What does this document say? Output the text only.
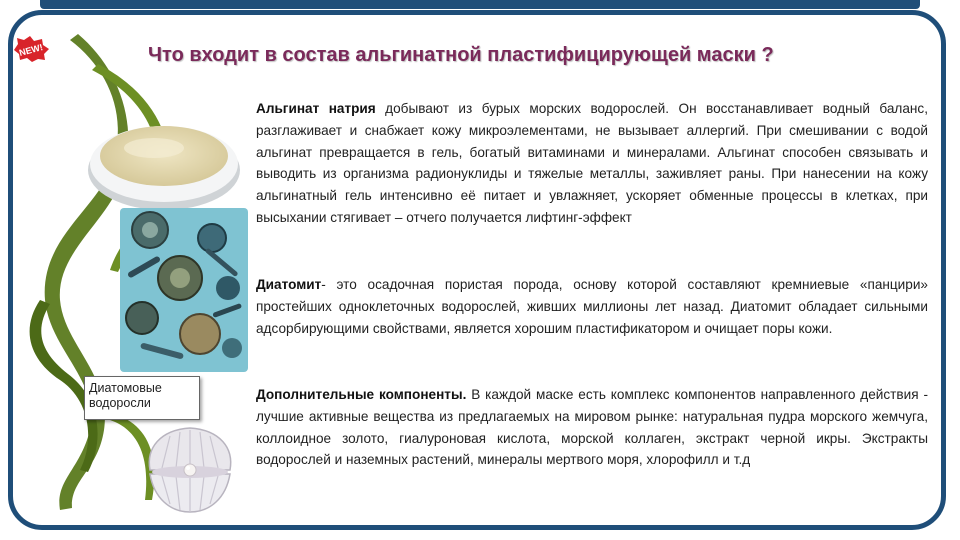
NEW!	Что входит в состав альгинатной пластифицирующей маски ?
Диатомовые водоросли
Альгинат натрия добывают из бурых морских водорослей. Он восстанавливает водный баланс, разглаживает и снабжает кожу микроэлементами, не вызывает аллергий. При смешивании с водой альгинат превращается в гель, богатый витаминами и минералами. Альгинат способен связывать и выводить из организма радионуклиды и тяжелые металлы, заживляет раны. При нанесении на кожу альгинатный гель интенсивно её питает и увлажняет, ускоряет обменные процессы в клетках, при высыхании стягивает – отчего получается лифтинг-эффект
Диатомит- это осадочная пористая порода, основу которой составляют кремниевые «панцири» простейших одноклеточных водорослей, живших миллионы лет назад. Диатомит обладает сильными адсорбирующими свойствами, является хорошим пластификатором и очищает поры кожи.
Дополнительные компоненты. В каждой маске есть комплекс компонентов направленного действия - лучшие активные вещества из предлагаемых на мировом рынке: натуральная пудра морского жемчуга, коллоидное золото, гиалуроновая кислота, морской коллаген, экстракт черной икры. Экстракты водорослей и наземных растений, минералы мертвого моря, хлорофилл и т.д
